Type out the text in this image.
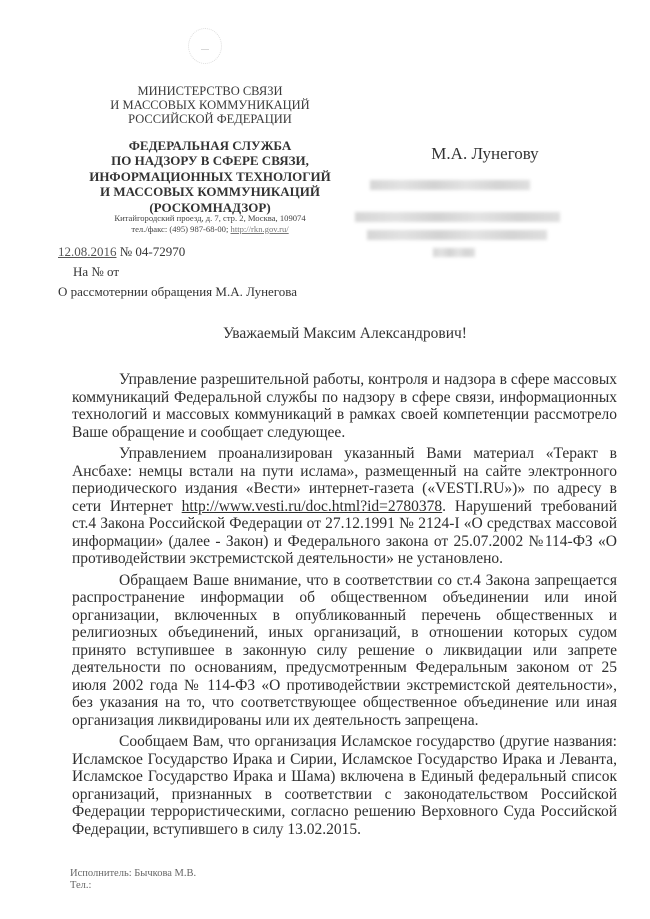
МИНИСТЕРСТВО СВЯЗИ
И МАССОВЫХ КОММУНИКАЦИЙ
РОССИЙСКОЙ ФЕДЕРАЦИИ
ФЕДЕРАЛЬНАЯ СЛУЖБА
ПО НАДЗОРУ В СФЕРЕ СВЯЗИ,
ИНФОРМАЦИОННЫХ ТЕХНОЛОГИЙ
И МАССОВЫХ КОММУНИКАЦИЙ
(РОСКОМНАДЗОР)
Китайгородский проезд, д. 7, стр. 2, Москва, 109074
тел./факс: (495) 987-68-00; http://rkn.gov.ru/
12.08.2016 № 04-72970
На № от
О рассмотернии обращения М.А. Лунегова
М.А. Лунегову
Уважаемый Максим Александрович!

Управление разрешительной работы, контроля и надзора в сфере массовых коммуникаций Федеральной службы по надзору в сфере связи, информационных технологий и массовых коммуникаций в рамках своей компетенции рассмотрело Ваше обращение и сообщает следующее.

Управлением проанализирован указанный Вами материал «Теракт в Ансбахе: немцы встали на пути ислама», размещенный на сайте электронного периодического издания «Вести» интернет-газета («VESTI.RU»)» по адресу в сети Интернет http://www.vesti.ru/doc.html?id=2780378. Нарушений требований ст.4 Закона Российской Федерации от 27.12.1991 № 2124-I «О средствах массовой информации» (далее - Закон) и Федерального закона от 25.07.2002 №114-ФЗ «О противодействии экстремистской деятельности» не установлено.

Обращаем Ваше внимание, что в соответствии со ст.4 Закона запрещается распространение информации об общественном объединении или иной организации, включенных в опубликованный перечень общественных и религиозных объединений, иных организаций, в отношении которых судом принято вступившее в законную силу решение о ликвидации или запрете деятельности по основаниям, предусмотренным Федеральным законом от 25 июля 2002 года № 114-ФЗ «О противодействии экстремистской деятельности», без указания на то, что соответствующее общественное объединение или иная организация ликвидированы или их деятельность запрещена.

Сообщаем Вам, что организация Исламское государство (другие названия: Исламское Государство Ирака и Сирии, Исламское Государство Ирака и Леванта, Исламское Государство Ирака и Шама) включена в Единый федеральный список организаций, признанных в соответствии с законодательством Российской Федерации террористическими, согласно решению Верховного Суда Российской Федерации, вступившего в силу 13.02.2015.

Исполнитель: Бычкова М.В.
Тел.:
